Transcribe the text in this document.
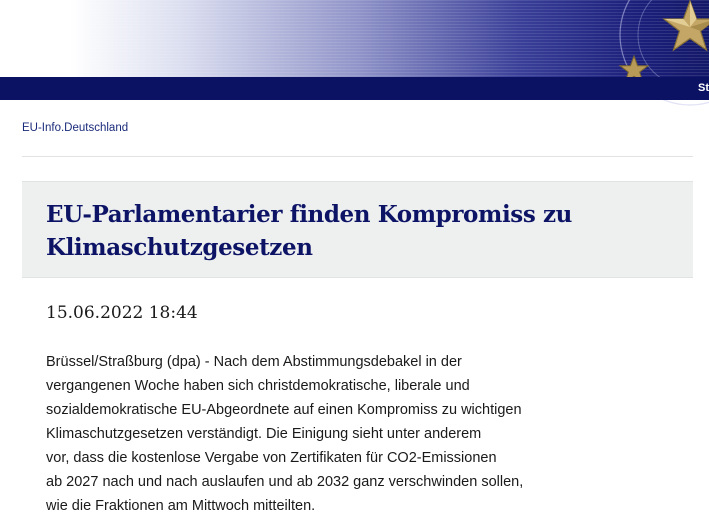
St
EU-Info.Deutschland
EU-Parlamentarier finden Kompromiss zu Klimaschutzgesetzen
15.06.2022 18:44

Brüssel/Straßburg (dpa) - Nach dem Abstimmungsdebakel in der
vergangenen Woche haben sich christdemokratische, liberale und
sozialdemokratische EU-Abgeordnete auf einen Kompromiss zu wichtigen
Klimaschutzgesetzen verständigt. Die Einigung sieht unter anderem
vor, dass die kostenlose Vergabe von Zertifikaten für CO2-Emissionen
ab 2027 nach und nach auslaufen und ab 2032 ganz verschwinden sollen,
wie die Fraktionen am Mittwoch mitteilten.
